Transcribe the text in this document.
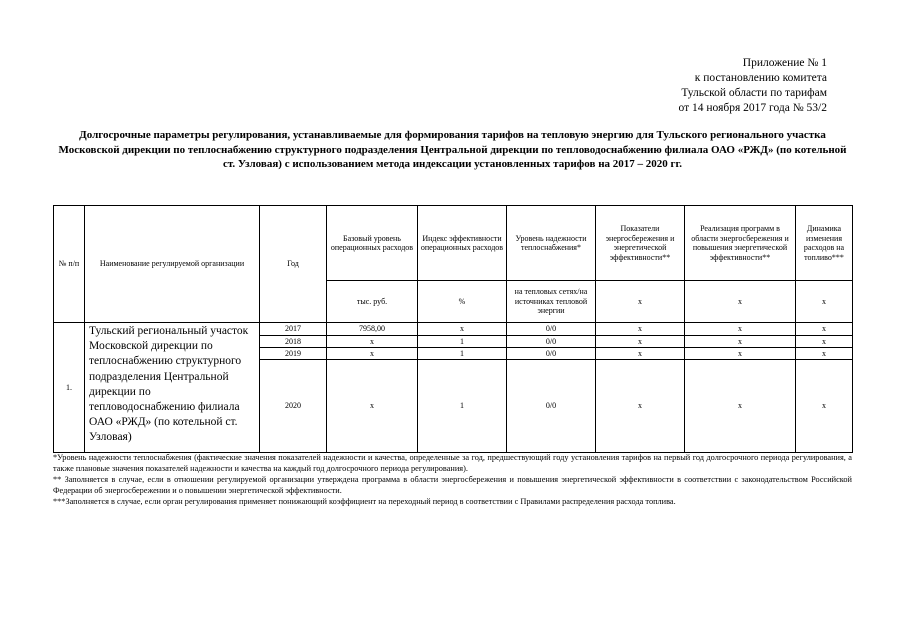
Приложение № 1
к постановлению комитета
Тульской области по тарифам
от 14 ноября 2017 года № 53/2
Долгосрочные параметры регулирования, устанавливаемые для формирования тарифов на тепловую энергию для Тульского регионального участка Московской дирекции по теплоснабжению структурного подразделения Центральной дирекции по тепловодоснабжению филиала ОАО «РЖД» (по котельной ст. Узловая) с использованием метода индексации установленных тарифов на 2017 – 2020 гг.
№ п/п	Наименование регулируемой организации	Год	Базовый уровень операционных расходов	Индекс эффективности операционных расходов	Уровень надежности теплоснабжения*	Показатели энергосбережения и энергетической эффективности**	Реализация программ в области энергосбережения и повышения энергетической эффективности**	Динамика изменения расходов на топливо***
			тыс. руб.	%	на тепловых сетях/на источниках тепловой энергии	х	х	х
1.	Тульский региональный участок Московской дирекции по теплоснабжению структурного подразделения Центральной дирекции по тепловодоснабжению филиала ОАО «РЖД» (по котельной ст. Узловая)	2017	7958,00	х	0/0	х	х	х
		2018	х	1	0/0	х	х	х
		2019	х	1	0/0	х	х	х
		2020	х	1	0/0	х	х	х

*Уровень надежности теплоснабжения (фактические значения показателей надежности и качества, определенные за год, предшествующий году установления тарифов на первый год долгосрочного периода регулирования, а также плановые значения показателей надежности и качества на каждый год долгосрочного периода регулирования).

** Заполняется в случае, если в отношении регулируемой организации утверждена программа в области энергосбережения и повышения энергетической эффективности в соответствии с законодательством Российской Федерации об энергосбережении и о повышении энергетической эффективности.

***Заполняется в случае, если орган регулирования применяет понижающий коэффициент на переходный период в соответствии с Правилами распределения расхода топлива.
